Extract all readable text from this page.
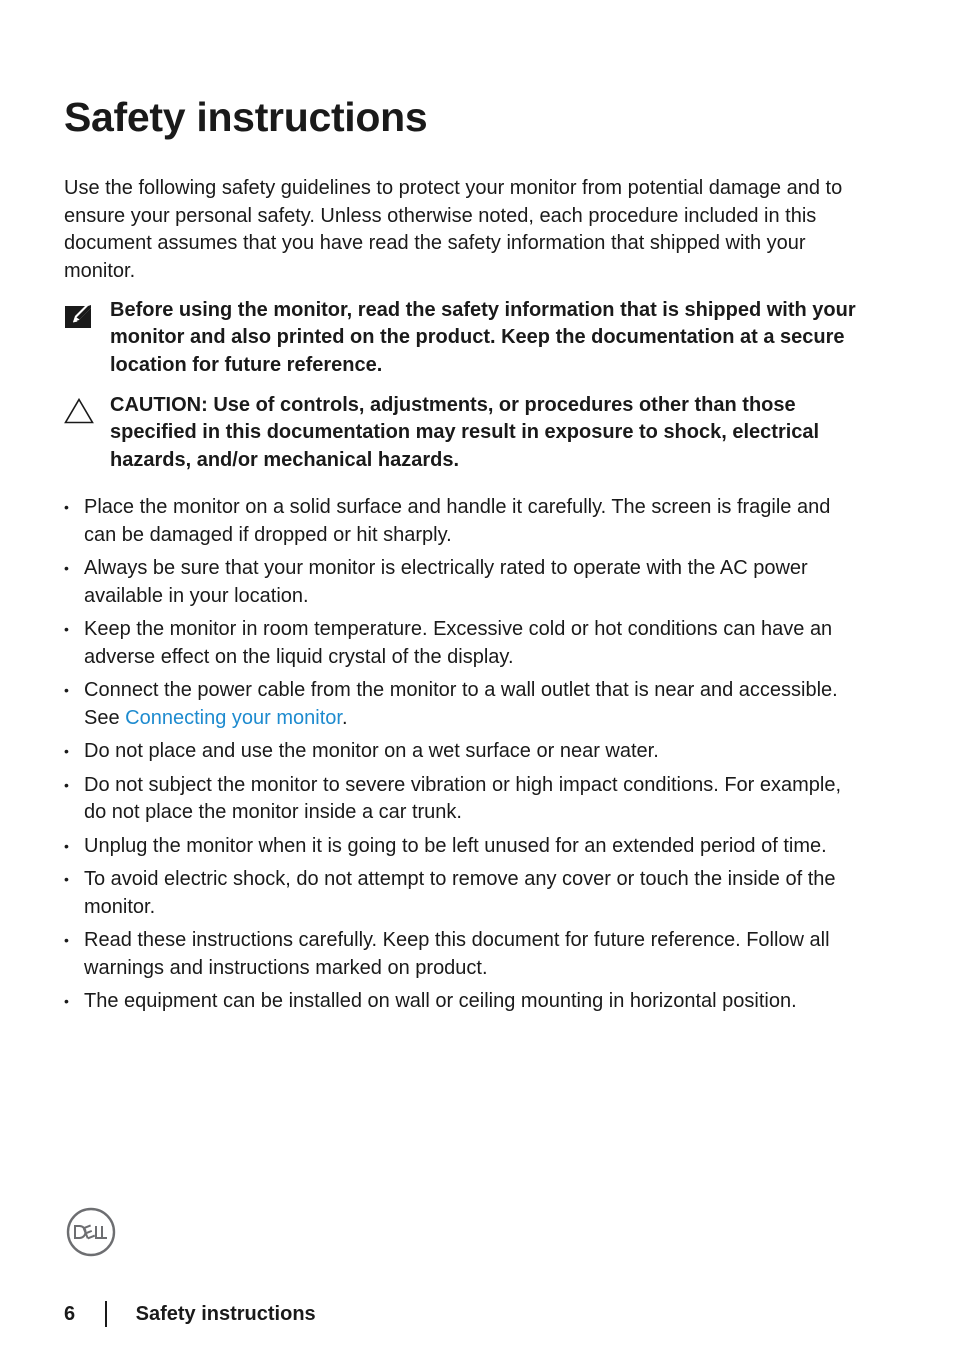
Safety instructions

Use the following safety guidelines to protect your monitor from potential damage and to ensure your personal safety. Unless otherwise noted, each procedure included in this document assumes that you have read the safety information that shipped with your monitor.

Before using the monitor, read the safety information that is shipped with your monitor and also printed on the product. Keep the documentation at a secure location for future reference.

CAUTION: Use of controls, adjustments, or procedures other than those specified in this documentation may result in exposure to shock, electrical hazards, and/or mechanical hazards.

• Place the monitor on a solid surface and handle it carefully. The screen is fragile and can be damaged if dropped or hit sharply.
• Always be sure that your monitor is electrically rated to operate with the AC power available in your location.
• Keep the monitor in room temperature. Excessive cold or hot conditions can have an adverse effect on the liquid crystal of the display.
• Connect the power cable from the monitor to a wall outlet that is near and accessible. See Connecting your monitor.
• Do not place and use the monitor on a wet surface or near water.
• Do not subject the monitor to severe vibration or high impact conditions. For example, do not place the monitor inside a car trunk.
• Unplug the monitor when it is going to be left unused for an extended period of time.
• To avoid electric shock, do not attempt to remove any cover or touch the inside of the monitor.
• Read these instructions carefully. Keep this document for future reference. Follow all warnings and instructions marked on product.
• The equipment can be installed on wall or ceiling mounting in horizontal position.
6	Safety instructions
